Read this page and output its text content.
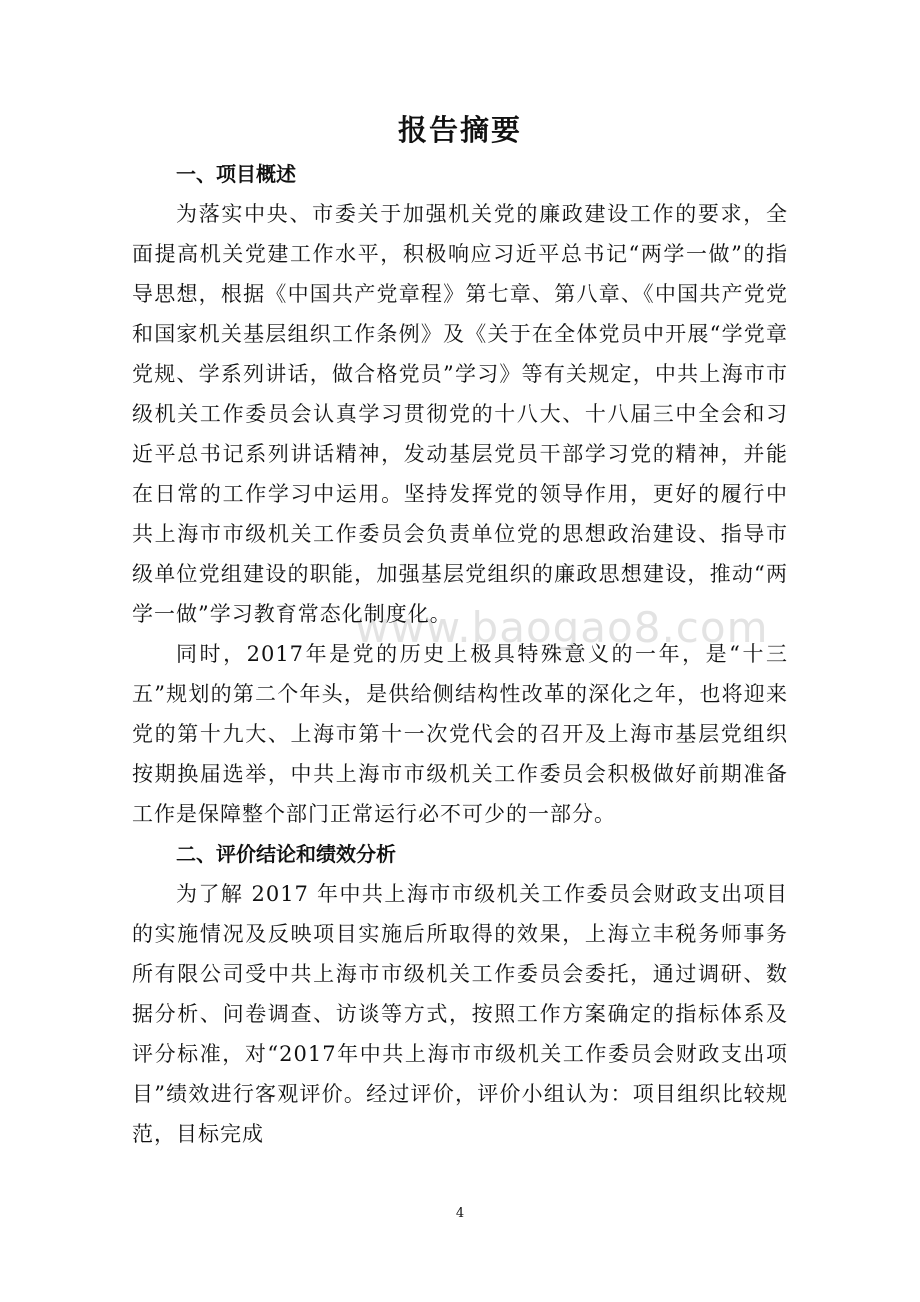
www.baogao8.com
报告摘要
一、项目概述

为落实中央、市委关于加强机关党的廉政建设工作的要求，全面提高机关党建工作水平，积极响应习近平总书记“两学一做”的指导思想，根据《中国共产党章程》第七章、第八章、《中国共产党党和国家机关基层组织工作条例》及《关于在全体党员中开展“学党章党规、学系列讲话，做合格党员”学习》等有关规定，中共上海市市级机关工作委员会认真学习贯彻党的十八大、十八届三中全会和习近平总书记系列讲话精神，发动基层党员干部学习党的精神，并能在日常的工作学习中运用。坚持发挥党的领导作用，更好的履行中共上海市市级机关工作委员会负责单位党的思想政治建设、指导市级单位党组建设的职能，加强基层党组织的廉政思想建设，推动“两学一做”学习教育常态化制度化。

同时，2017年是党的历史上极具特殊意义的一年，是“十三五”规划的第二个年头，是供给侧结构性改革的深化之年，也将迎来党的第十九大、上海市第十一次党代会的召开及上海市基层党组织按期换届选举，中共上海市市级机关工作委员会积极做好前期准备工作是保障整个部门正常运行必不可少的一部分。

二、评价结论和绩效分析

为了解 2017 年中共上海市市级机关工作委员会财政支出项目的实施情况及反映项目实施后所取得的效果，上海立丰税务师事务所有限公司受中共上海市市级机关工作委员会委托，通过调研、数据分析、问卷调查、访谈等方式，按照工作方案确定的指标体系及评分标准，对“2017年中共上海市市级机关工作委员会财政支出项目”绩效进行客观评价。经过评价，评价小组认为：项目组织比较规范，目标完成

4
